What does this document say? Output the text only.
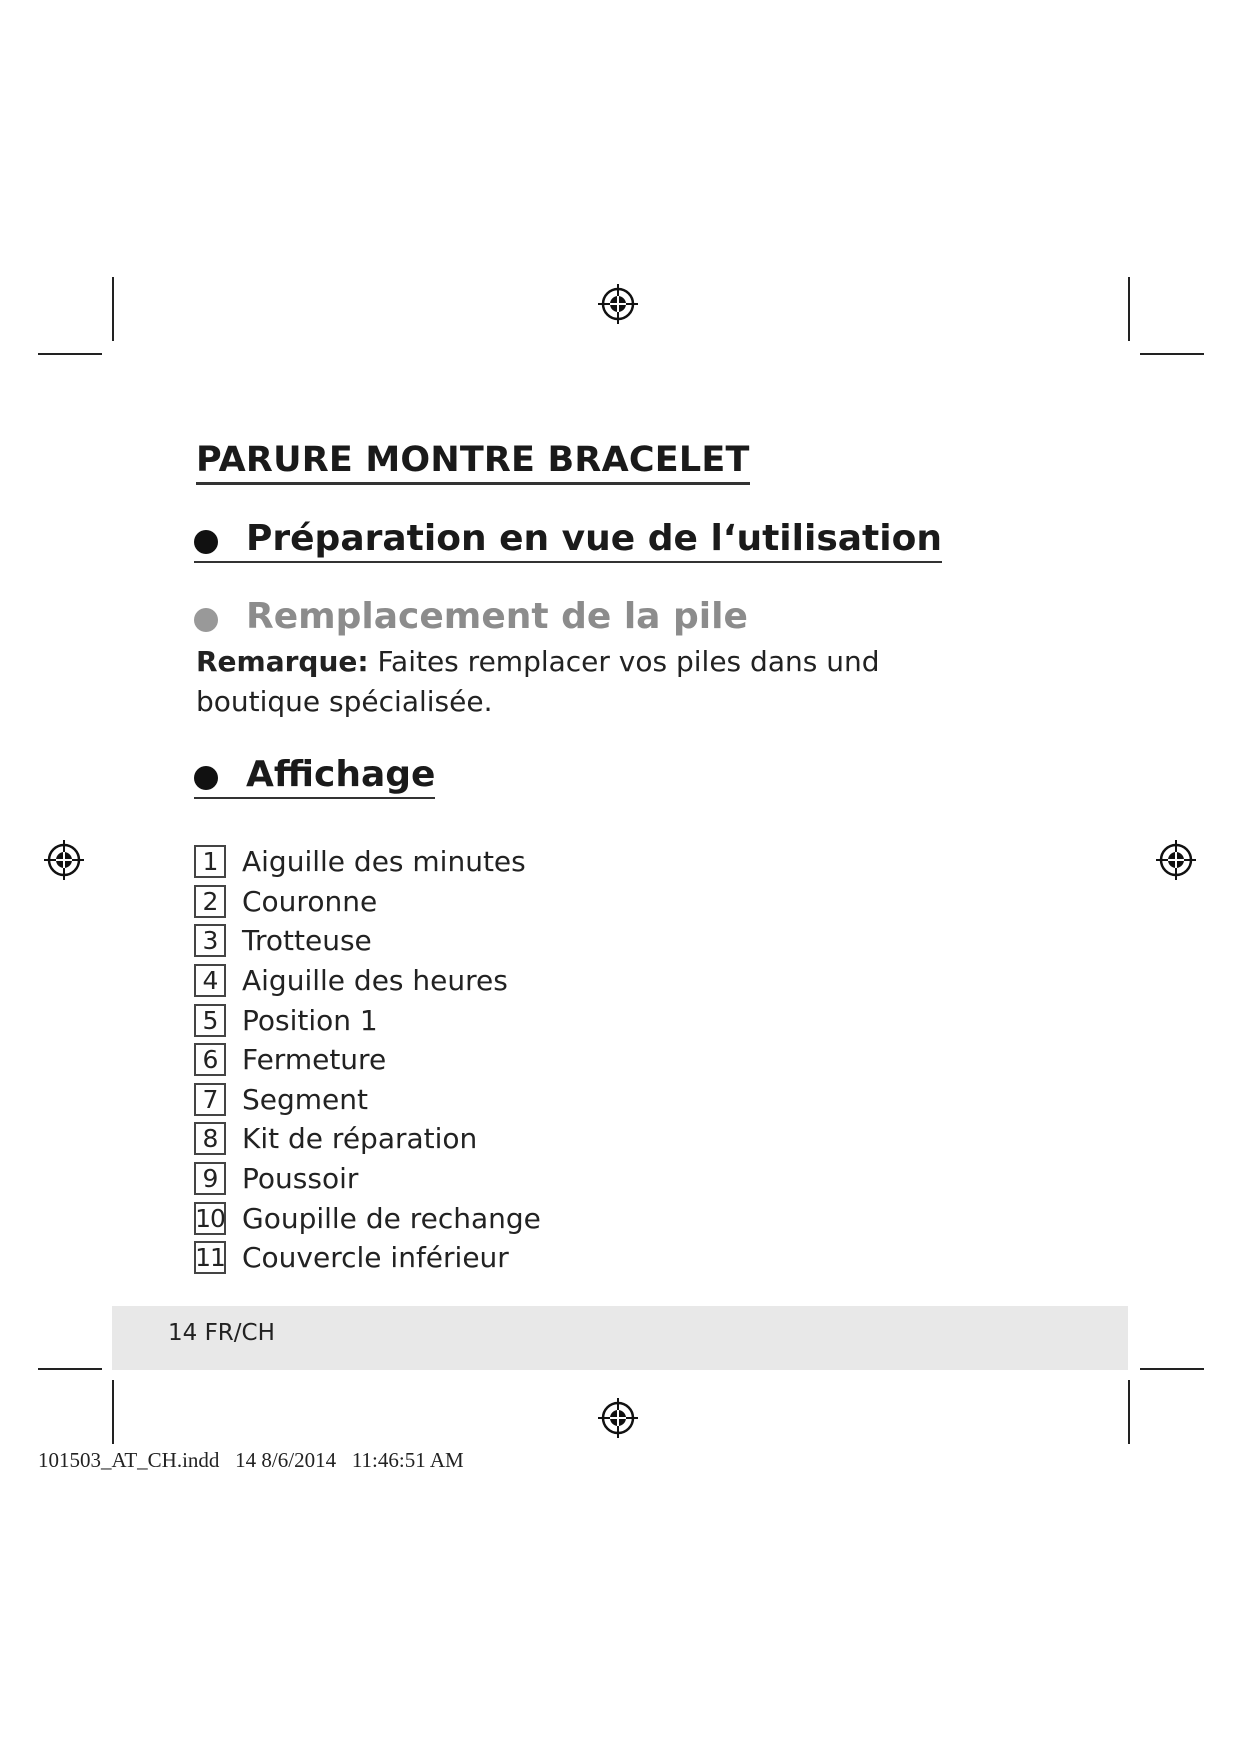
PARURE MONTRE BRACELET
Préparation en vue de l‘utilisation
Remplacement de la pile
Remarque: Faites remplacer vos piles dans und boutique spécialisée.
Affichage
1 Aiguille des minutes
2 Couronne
3 Trotteuse
4 Aiguille des heures
5 Position 1
6 Fermeture
7 Segment
8 Kit de réparation
9 Poussoir
10 Goupille de rechange
11 Couvercle inférieur
14 FR/CH
101503_AT_CH.indd   14 8/6/2014   11:46:51 AM
